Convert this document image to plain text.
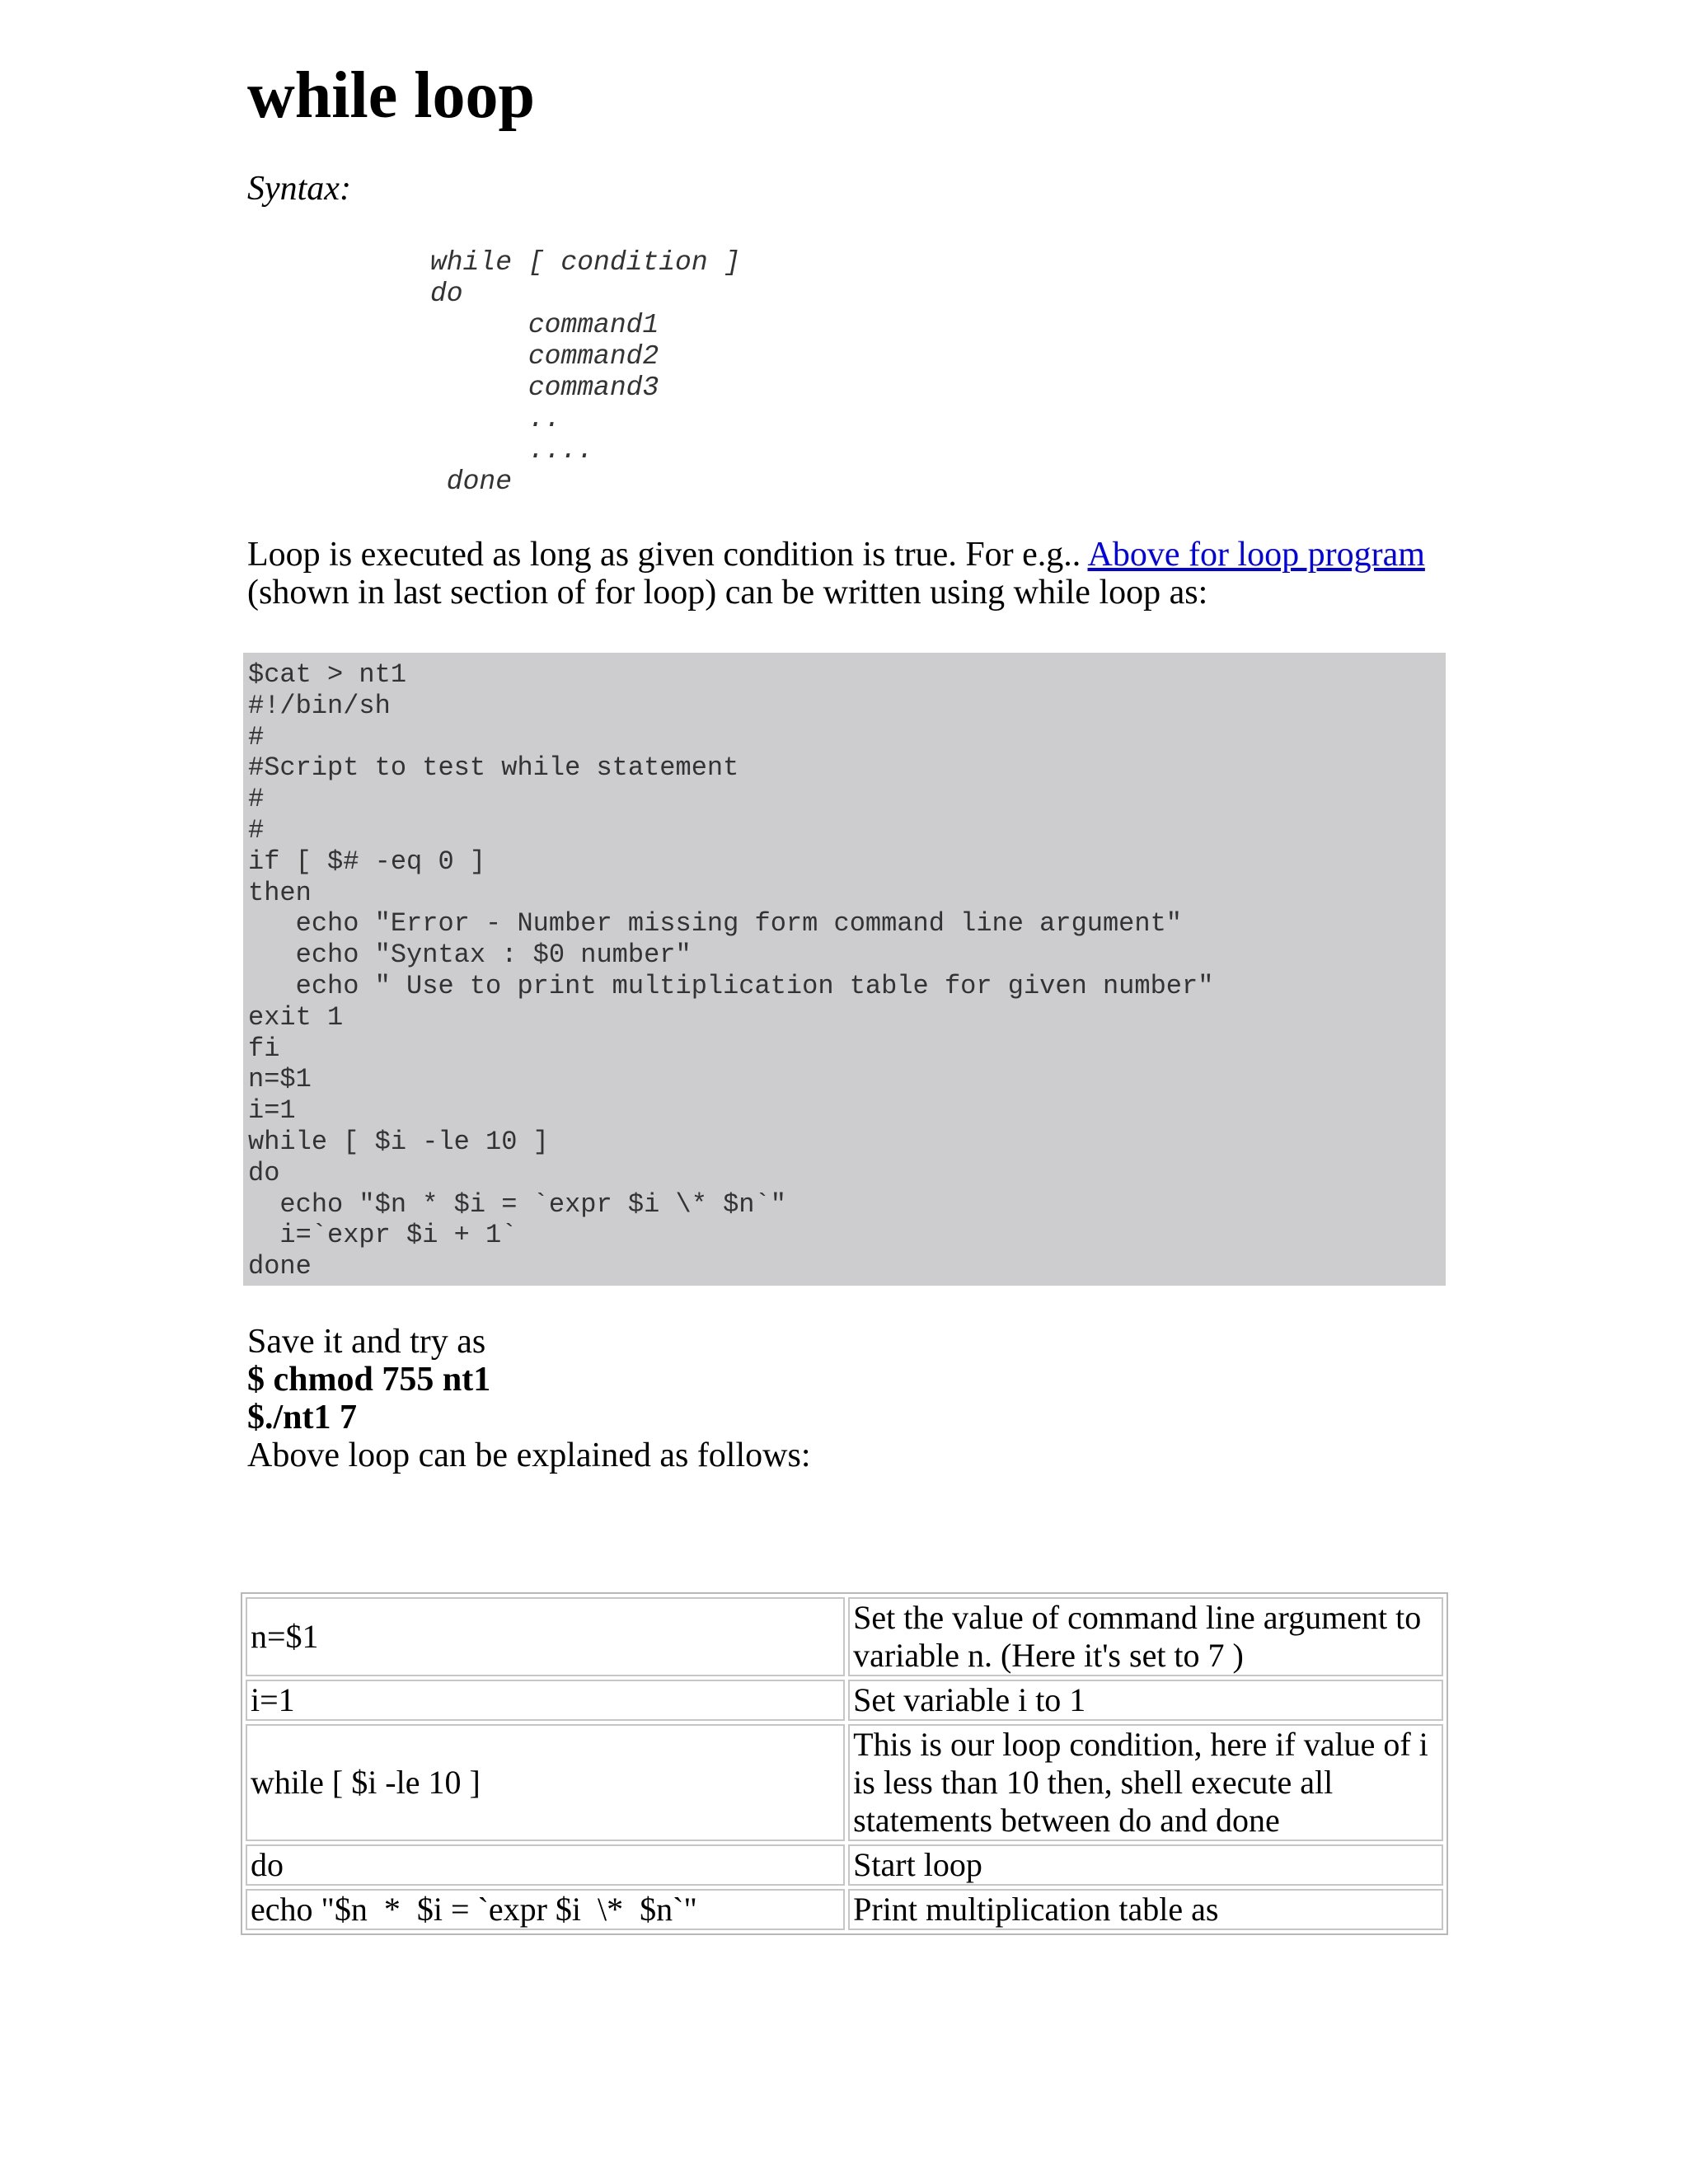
while loop

Syntax:

while [ condition ]
do
command1
command2
command3
..
....
done

Loop is executed as long as given condition is true. For e.g.. Above for loop program (shown in last section of for loop) can be written using while loop as:

$cat > nt1
#!/bin/sh
#
#Script to test while statement
#
#
if [ $# -eq 0 ]
then
echo "Error - Number missing form command line argument"
echo "Syntax : $0 number"
echo " Use to print multiplication table for given number"
exit 1
fi
n=$1
i=1
while [ $i -le 10 ]
do
echo "$n * $i = `expr $i \* $n`"
i=`expr $i + 1`
done
Save it and try as
$ chmod 755 nt1
$./nt1 7
Above loop can be explained as follows:
n=$1	Set the value of command line argument to variable n. (Here it's set to 7 )
i=1	Set variable i to 1
while [ $i -le 10 ]	This is our loop condition, here if value of i is less than 10 then, shell execute all statements between do and done
do	Start loop
echo "$n  *  $i = `expr $i  \*  $n`"	Print multiplication table as
